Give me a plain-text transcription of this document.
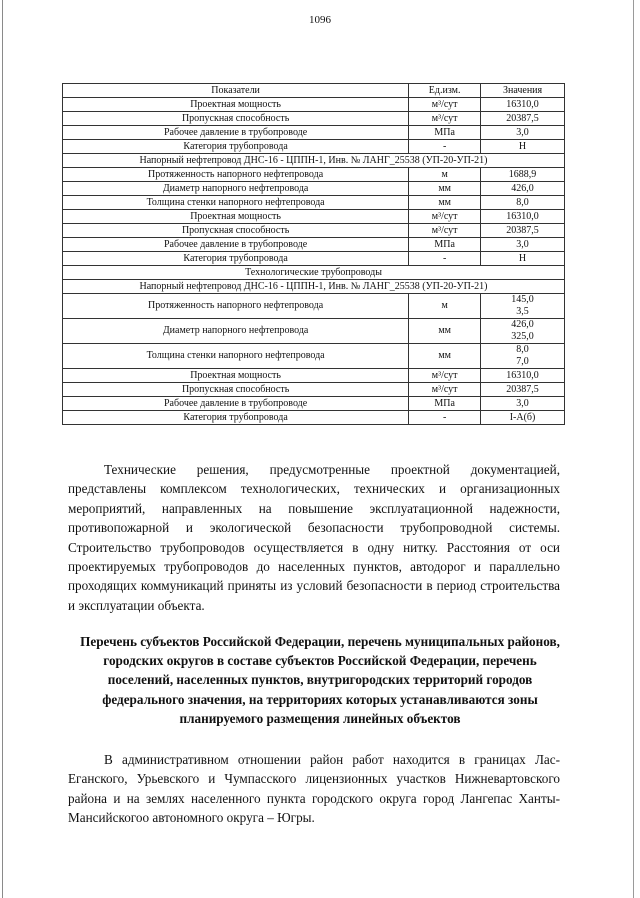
1096
Показатели	Ед.изм.	Значения
Проектная мощность	м³/сут	16310,0
Пропускная способность	м³/сут	20387,5
Рабочее давление в трубопроводе	МПа	3,0
Категория трубопровода	-	Н
Напорный нефтепровод ДНС-16 - ЦППН-1, Инв. № ЛАНГ_25538 (УП-20-УП-21)		
Протяженность напорного нефтепровода	м	1688,9
Диаметр напорного нефтепровода	мм	426,0
Толщина стенки напорного нефтепровода	мм	8,0
Проектная мощность	м³/сут	16310,0
Пропускная способность	м³/сут	20387,5
Рабочее давление в трубопроводе	МПа	3,0
Категория трубопровода	-	Н
Технологические трубопроводы		
Напорный нефтепровод ДНС-16 - ЦППН-1, Инв. № ЛАНГ_25538 (УП-20-УП-21)		
Протяженность напорного нефтепровода	м	145,0
3,5

Диаметр напорного нефтепровода	мм	426,0
325,0

Толщина стенки напорного нефтепровода	мм	8,0
7,0

Проектная мощность	м³/сут	16310,0
Пропускная способность	м³/сут	20387,5
Рабочее давление в трубопроводе	МПа	3,0
Категория трубопровода	-	I-А(б)
Технические решения, предусмотренные проектной документацией, представлены комплексом технологических, технических и организационных мероприятий, направленных на повышение эксплуатационной надежности, противопожарной и экологической безопасности трубопроводной системы. Строительство трубопроводов осуществляется в одну нитку. Расстояния от оси проектируемых трубопроводов до населенных пунктов, автодорог и параллельно проходящих коммуникаций приняты из условий безопасности в период строительства и эксплуатации объекта.
Перечень субъектов Российской Федерации, перечень муниципальных районов, городских округов в составе субъектов Российской Федерации, перечень поселений, населенных пунктов, внутригородских территорий городов федерального значения, на территориях которых устанавливаются зоны планируемого размещения линейных объектов
В административном отношении район работ находится в границах Лас-Еганского, Урьевского и Чумпасского лицензионных участков Нижневартовского района и на землях населенного пункта городского округа город Лангепас Ханты-Мансийскогоо автономного округа – Югры.
